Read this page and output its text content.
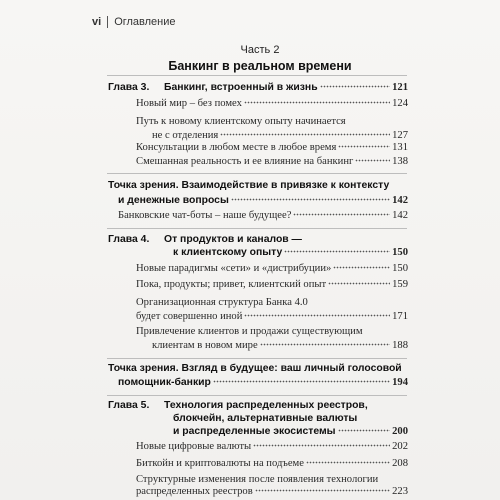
vi Оглавление
Часть 2
Банкинг в реальном времени
Глава 3.	Банкинг, встроенный в жизнь	121
Новый мир – без помех	124
Путь к новому клиентскому опыту начинается
не с отделения	127
Консультации в любом месте в любое время	131
Смешанная реальность и ее влияние на банкинг	138
Точка зрения. Взаимодействие в привязке к контексту
и денежные вопросы	142
Банковские чат-боты – наше будущее?	142
Глава 4.	От продуктов и каналов —
к клиентскому опыту	150
Новые парадигмы «сети» и «дистрибуции»	150
Пока, продукты; привет, клиентский опыт	159
Организационная структура Банка 4.0
будет совершенно иной	171
Привлечение клиентов и продажи существующим
клиентам в новом мире	188
Точка зрения. Взгляд в будущее: ваш личный голосовой
помощник-банкир	194
Глава 5.	Технология распределенных реестров,
блокчейн, альтернативные валюты
и распределенные экосистемы	200
Новые цифровые валюты	202
Биткойн и криптовалюты на подъеме	208
Структурные изменения после появления технологии
распределенных реестров	223
